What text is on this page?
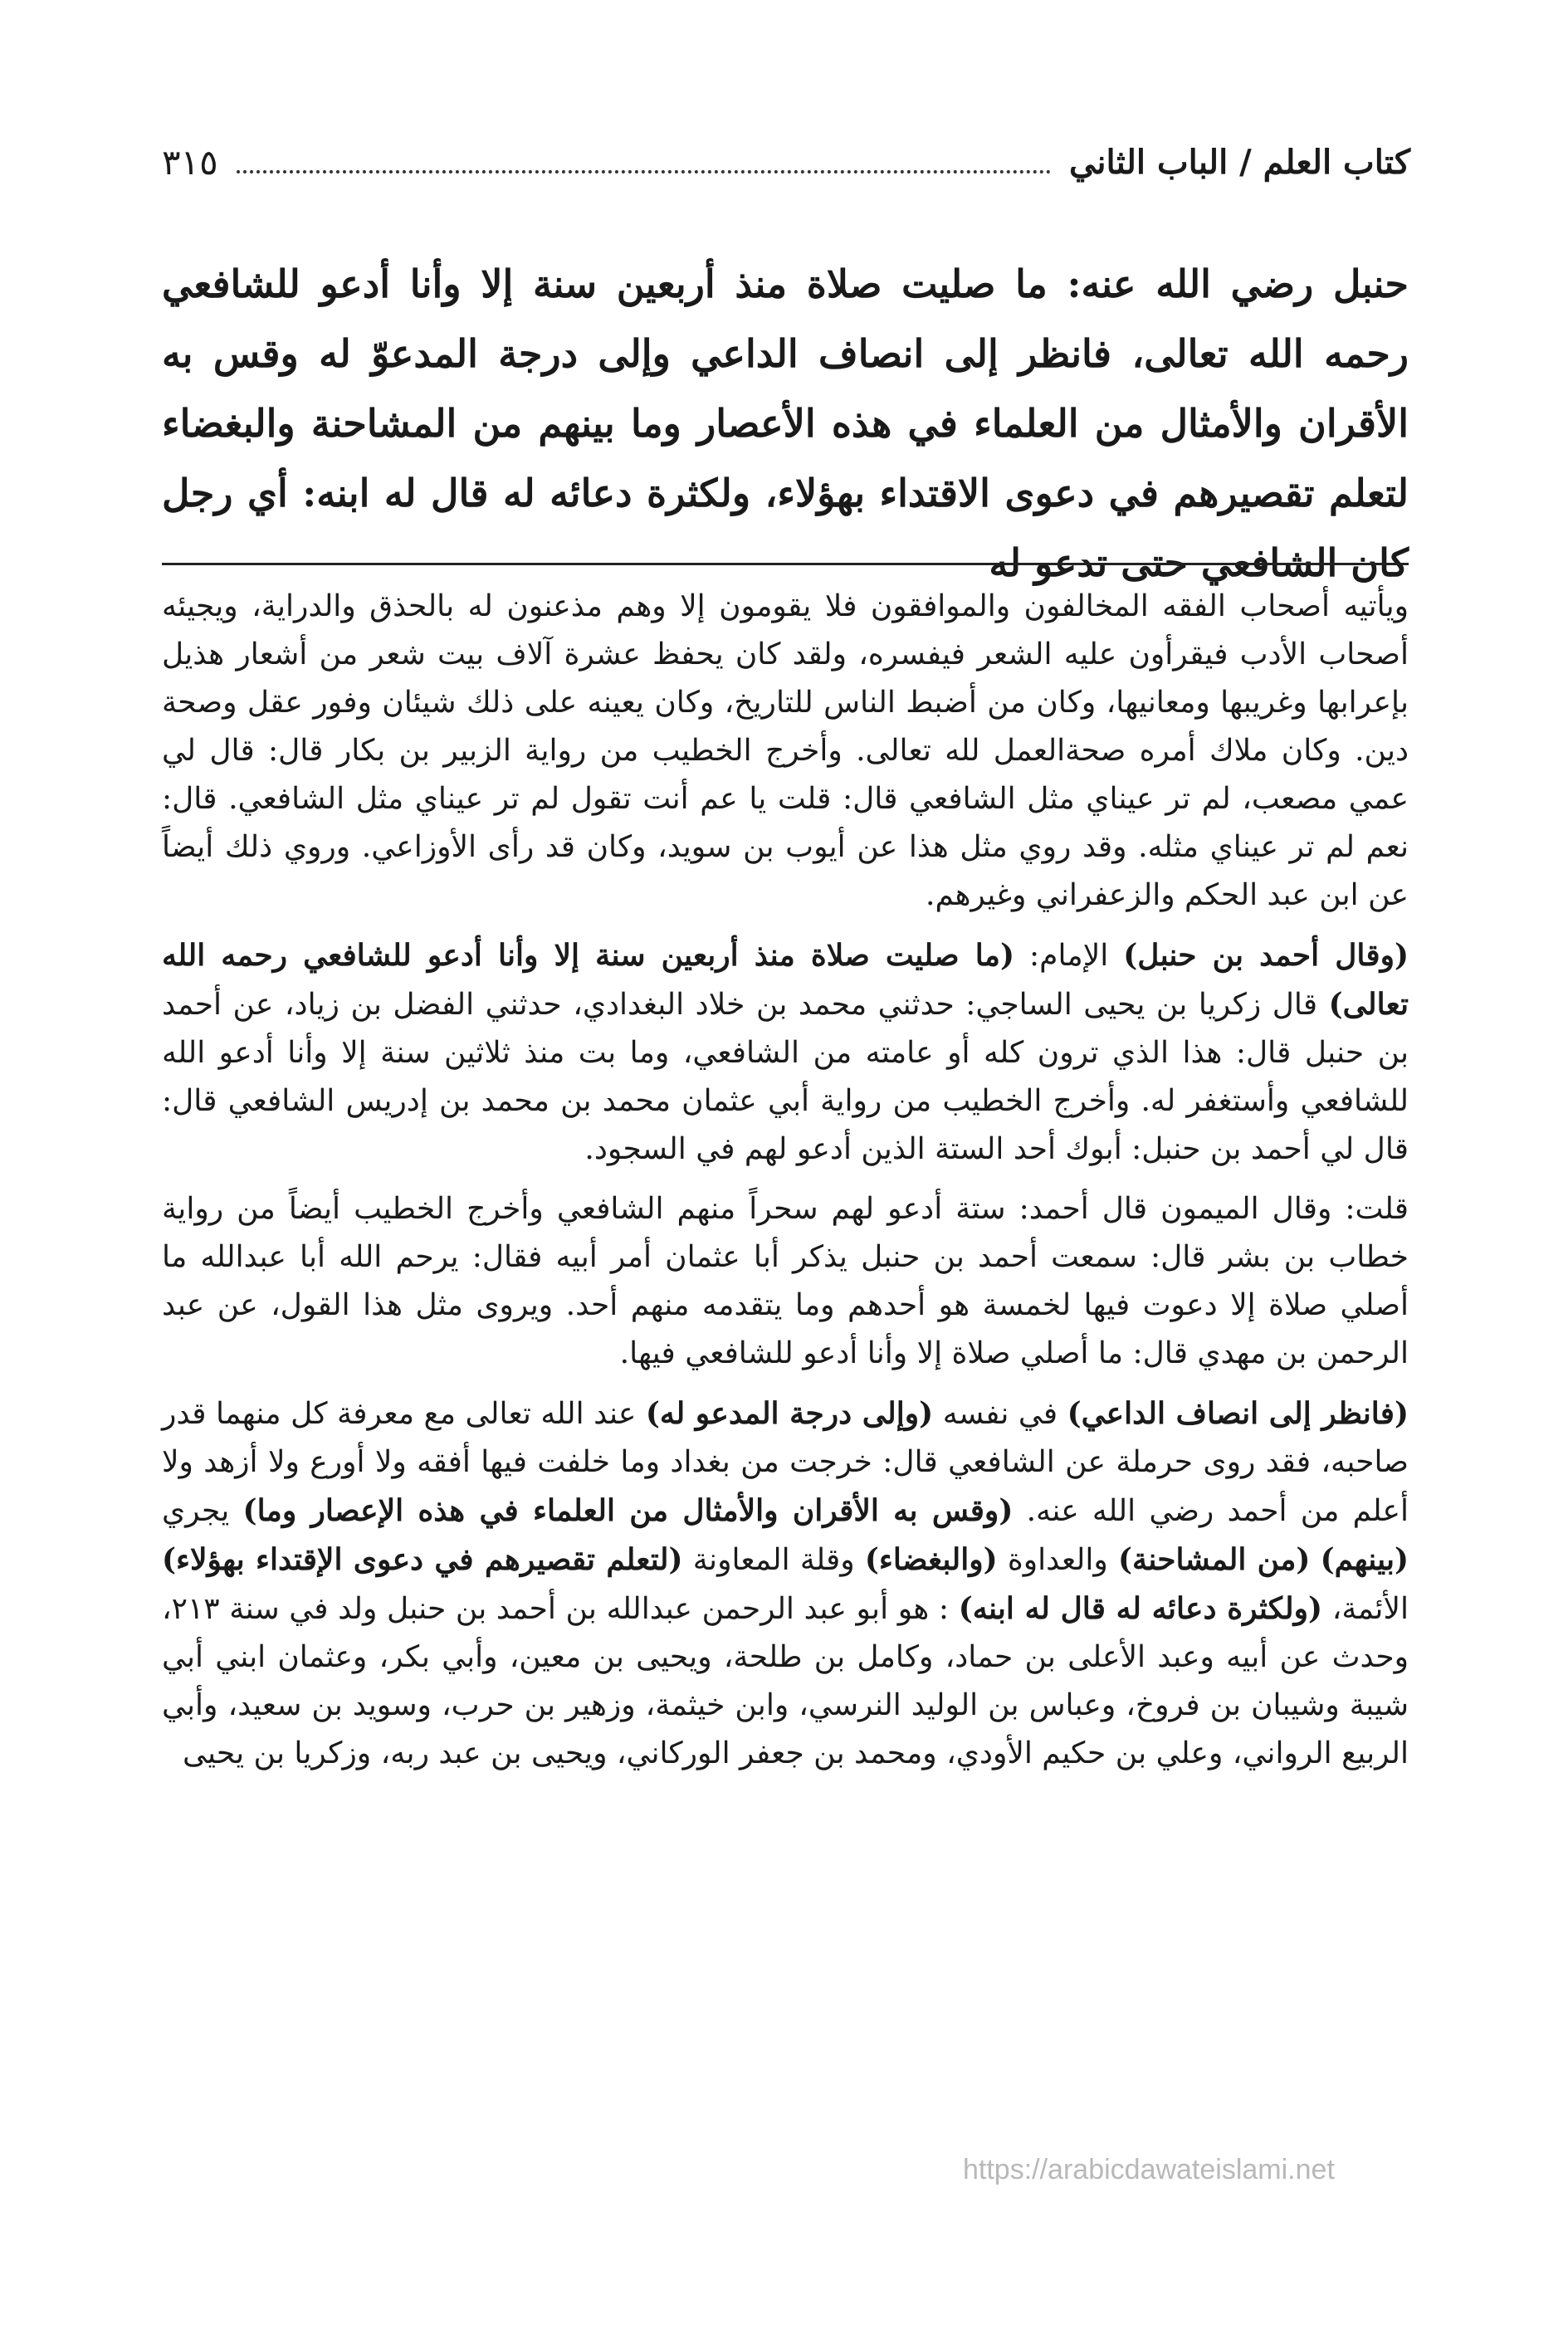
كتاب العلم / الباب الثاني
٣١٥

حنبل رضي الله عنه: ما صليت صلاة منذ أربعين سنة إلا وأنا أدعو للشافعي رحمه الله تعالى، فانظر إلى انصاف الداعي وإلى درجة المدعوّ له وقس به الأقران والأمثال من العلماء في هذه الأعصار وما بينهم من المشاحنة والبغضاء لتعلم تقصيرهم في دعوى الاقتداء بهؤلاء، ولكثرة دعائه له قال له ابنه: أي رجل كان الشافعي حتى تدعو له

ويأتيه أصحاب الفقه المخالفون والموافقون فلا يقومون إلا وهم مذعنون له بالحذق والدراية، ويجيئه أصحاب الأدب فيقرأون عليه الشعر فيفسره، ولقد كان يحفظ عشرة آلاف بيت شعر من أشعار هذيل بإعرابها وغريبها ومعانيها، وكان من أضبط الناس للتاريخ، وكان يعينه على ذلك شيئان وفور عقل وصحة دين. وكان ملاك أمره صحةالعمل لله تعالى. وأخرج الخطيب من رواية الزبير بن بكار قال: قال لي عمي مصعب، لم تر عيناي مثل الشافعي قال: قلت يا عم أنت تقول لم تر عيناي مثل الشافعي. قال: نعم لم تر عيناي مثله. وقد روي مثل هذا عن أيوب بن سويد، وكان قد رأى الأوزاعي. وروي ذلك أيضاً عن ابن عبد الحكم والزعفراني وغيرهم.

(وقال أحمد بن حنبل) الإمام: (ما صليت صلاة منذ أربعين سنة إلا وأنا أدعو للشافعي رحمه الله تعالى) قال زكريا بن يحيى الساجي: حدثني محمد بن خلاد البغدادي، حدثني الفضل بن زياد، عن أحمد بن حنبل قال: هذا الذي ترون كله أو عامته من الشافعي، وما بت منذ ثلاثين سنة إلا وأنا أدعو الله للشافعي وأستغفر له. وأخرج الخطيب من رواية أبي عثمان محمد بن محمد بن إدريس الشافعي قال: قال لي أحمد بن حنبل: أبوك أحد الستة الذين أدعو لهم في السجود.

قلت: وقال الميمون قال أحمد: ستة أدعو لهم سحراً منهم الشافعي وأخرج الخطيب أيضاً من رواية خطاب بن بشر قال: سمعت أحمد بن حنبل يذكر أبا عثمان أمر أبيه فقال: يرحم الله أبا عبدالله ما أصلي صلاة إلا دعوت فيها لخمسة هو أحدهم وما يتقدمه منهم أحد. ويروى مثل هذا القول، عن عبد الرحمن بن مهدي قال: ما أصلي صلاة إلا وأنا أدعو للشافعي فيها.

(فانظر إلى انصاف الداعي) في نفسه (وإلى درجة المدعو له) عند الله تعالى مع معرفة كل منهما قدر صاحبه، فقد روى حرملة عن الشافعي قال: خرجت من بغداد وما خلفت فيها أفقه ولا أورع ولا أزهد ولا أعلم من أحمد رضي الله عنه. (وقس به الأقران والأمثال من العلماء في هذه الإعصار وما) يجري (بينهم) (من المشاحنة) والعداوة (والبغضاء) وقلة المعاونة (لتعلم تقصيرهم في دعوى الإقتداء بهؤلاء) الأئمة، (ولكثرة دعائه له قال له ابنه) : هو أبو عبد الرحمن عبدالله بن أحمد بن حنبل ولد في سنة ٢١٣، وحدث عن أبيه وعبد الأعلى بن حماد، وكامل بن طلحة، ويحيى بن معين، وأبي بكر، وعثمان ابني أبي شيبة وشيبان بن فروخ، وعباس بن الوليد النرسي، وابن خيثمة، وزهير بن حرب، وسويد بن سعيد، وأبي الربيع الرواني، وعلي بن حكيم الأودي، ومحمد بن جعفر الوركاني، ويحيى بن عبد ربه، وزكريا بن يحيى

https://arabicdawateislami.net
